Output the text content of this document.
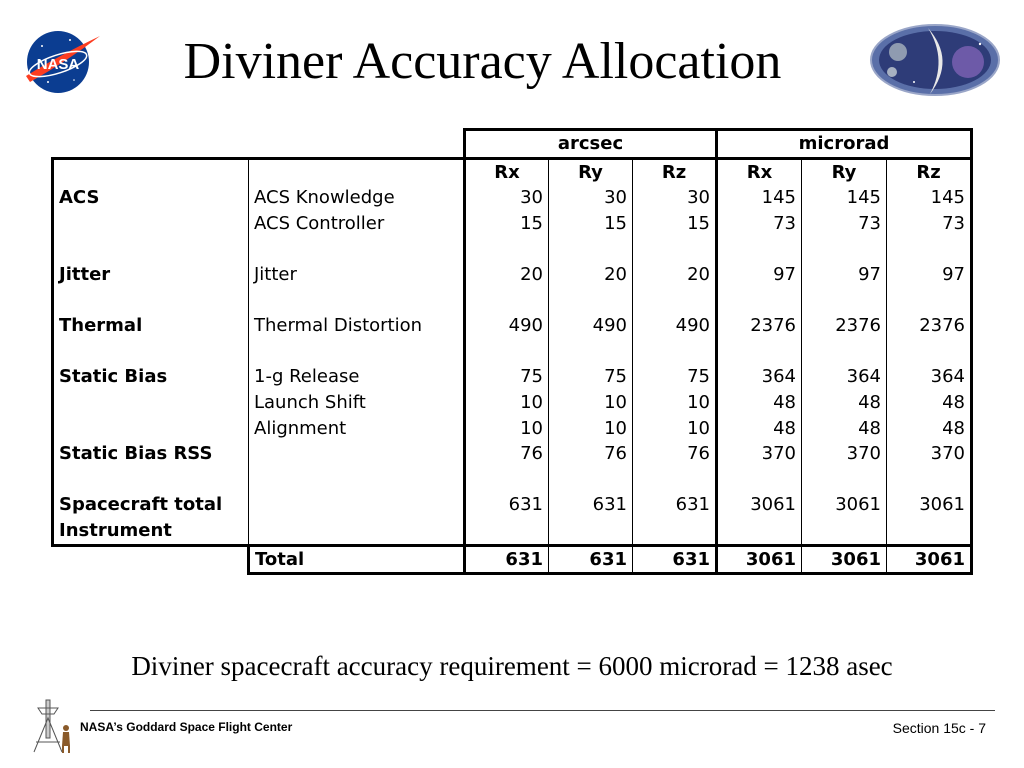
NASA	Diviner Accuracy Allocation
		arcsec			microrad		
		Rx	Ry	Rz	Rx	Ry	Rz
ACS	ACS Knowledge	30	30	30	145	145	145
	ACS Controller	15	15	15	73	73	73

Jitter	Jitter	20	20	20	97	97	97

Thermal	Thermal Distortion	490	490	490	2376	2376	2376

Static Bias	1-g Release	75	75	75	364	364	364
	Launch Shift	10	10	10	48	48	48
	Alignment	10	10	10	48	48	48
Static Bias RSS		76	76	76	370	370	370

Spacecraft total		631	631	631	3061	3061	3061
Instrument							
	Total	631	631	631	3061	3061	3061
Diviner spacecraft accuracy requirement = 6000 microrad = 1238 asec
NASA’s Goddard Space Flight Center	Section 15c - 7
